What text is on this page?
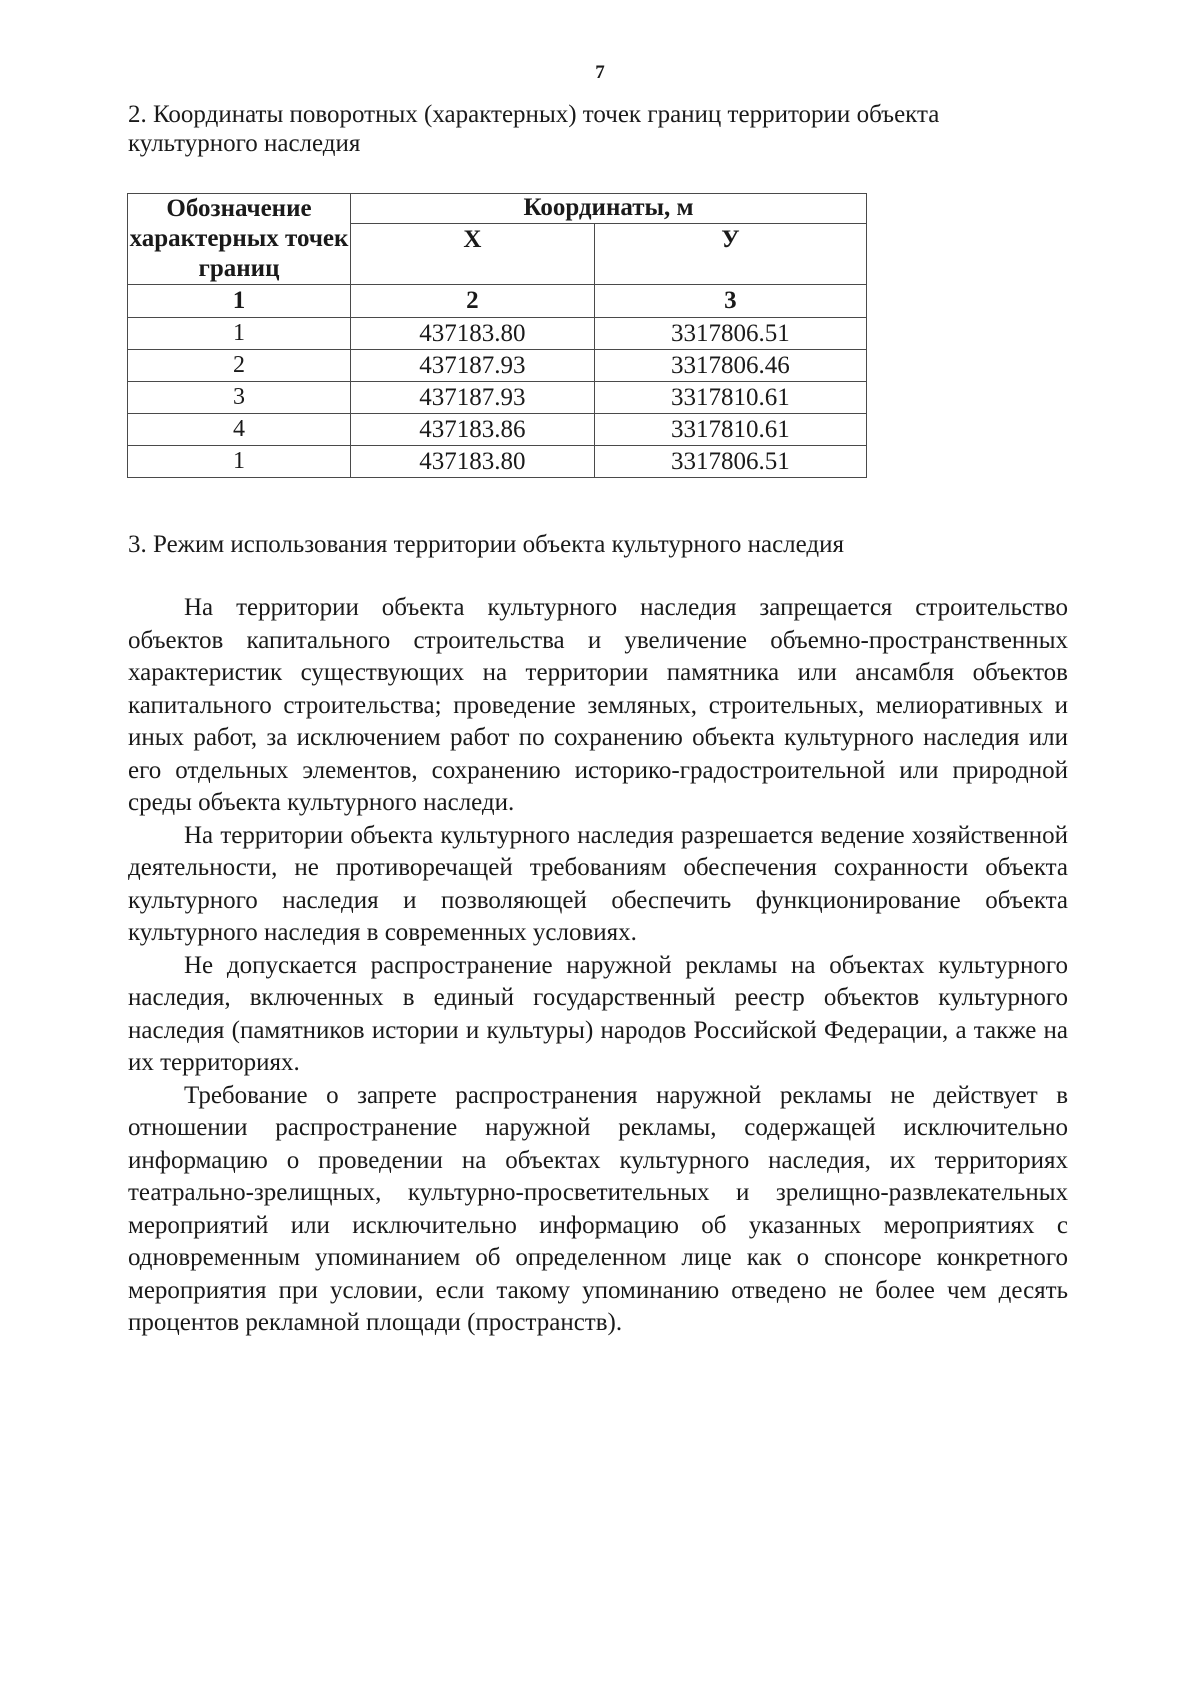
7
2. Координаты поворотных (характерных) точек границ территории объекта культурного наследия
Обозначение характерных точек границ	Координаты, м	
	X	У
1	2	3
1	437183.80	3317806.51
2	437187.93	3317806.46
3	437187.93	3317810.61
4	437183.86	3317810.61
1	437183.80	3317806.51
3. Режим использования территории объекта культурного наследия

На территории объекта культурного наследия запрещается строительство объектов капитального строительства и увеличение объемно-пространственных характеристик существующих на территории памятника или ансамбля объектов капитального строительства; проведение земляных, строительных, мелиоративных и иных работ, за исключением работ по сохранению объекта культурного наследия или его отдельных элементов, сохранению историко-градостроительной или природной среды объекта культурного наследи.

На территории объекта культурного наследия разрешается ведение хозяйственной деятельности, не противоречащей требованиям обеспечения сохранности объекта культурного наследия и позволяющей обеспечить функционирование объекта культурного наследия в современных условиях.

Не допускается распространение наружной рекламы на объектах культурного наследия, включенных в единый государственный реестр объектов культурного наследия (памятников истории и культуры) народов Российской Федерации, а также на их территориях.

Требование о запрете распространения наружной рекламы не действует в отношении распространение наружной рекламы, содержащей исключительно информацию о проведении на объектах культурного наследия, их территориях театрально-зрелищных, культурно-просветительных и зрелищно-развлекательных мероприятий или исключительно информацию об указанных мероприятиях с одновременным упоминанием об определенном лице как о спонсоре конкретного мероприятия при условии, если такому упоминанию отведено не более чем десять процентов рекламной площади (пространств).
